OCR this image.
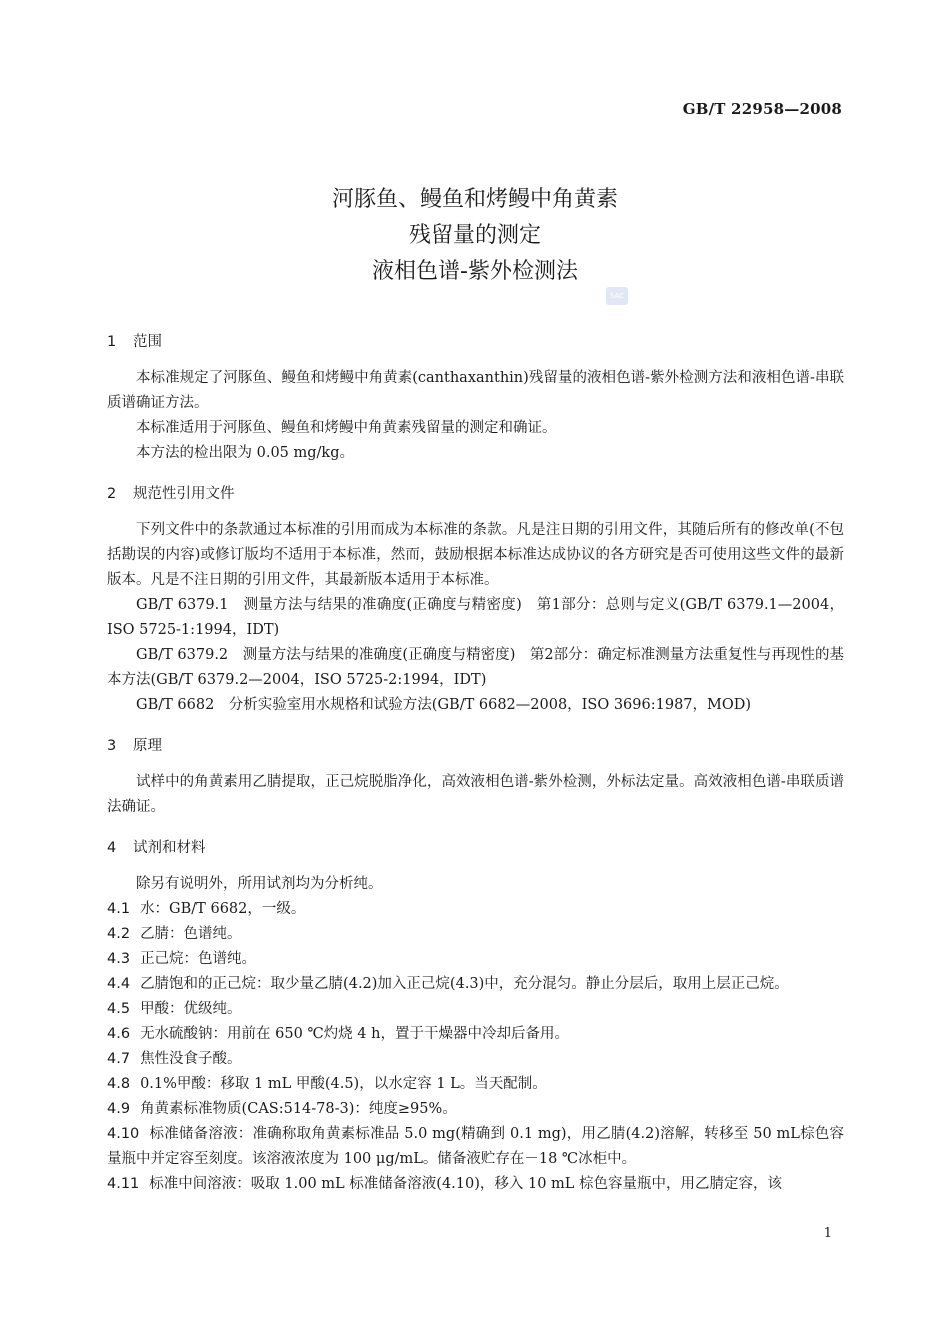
GB/T 22958—2008
河豚鱼、鳗鱼和烤鳗中角黄素
残留量的测定
液相色谱-紫外检测法
SAC
1 范围
本标准规定了河豚鱼、鳗鱼和烤鳗中角黄素(canthaxanthin)残留量的液相色谱-紫外检测方法和液相色谱-串联质谱确证方法。
本标准适用于河豚鱼、鳗鱼和烤鳗中角黄素残留量的测定和确证。
本方法的检出限为 0.05 mg/kg。
2 规范性引用文件
下列文件中的条款通过本标准的引用而成为本标准的条款。凡是注日期的引用文件，其随后所有的修改单(不包括勘误的内容)或修订版均不适用于本标准，然而，鼓励根据本标准达成协议的各方研究是否可使用这些文件的最新版本。凡是不注日期的引用文件，其最新版本适用于本标准。
GB/T 6379.1　测量方法与结果的准确度(正确度与精密度)　第1部分：总则与定义(GB/T 6379.1—2004，ISO 5725-1:1994，IDT)
GB/T 6379.2　测量方法与结果的准确度(正确度与精密度)　第2部分：确定标准测量方法重复性与再现性的基本方法(GB/T 6379.2—2004，ISO 5725-2:1994，IDT)
GB/T 6682　分析实验室用水规格和试验方法(GB/T 6682—2008，ISO 3696:1987，MOD)
3 原理
试样中的角黄素用乙腈提取，正己烷脱脂净化，高效液相色谱-紫外检测，外标法定量。高效液相色谱-串联质谱法确证。
4 试剂和材料
除另有说明外，所用试剂均为分析纯。
4.1 水：GB/T 6682，一级。
4.2 乙腈：色谱纯。
4.3 正己烷：色谱纯。
4.4 乙腈饱和的正己烷：取少量乙腈(4.2)加入正己烷(4.3)中，充分混匀。静止分层后，取用上层正己烷。
4.5 甲酸：优级纯。
4.6 无水硫酸钠：用前在 650 ℃灼烧 4 h，置于干燥器中冷却后备用。
4.7 焦性没食子酸。
4.8 0.1%甲酸：移取 1 mL 甲酸(4.5)，以水定容 1 L。当天配制。
4.9 角黄素标准物质(CAS:514-78-3)：纯度≥95%。
4.10 标准储备溶液：准确称取角黄素标准品 5.0 mg(精确到 0.1 mg)，用乙腈(4.2)溶解，转移至 50 mL棕色容量瓶中并定容至刻度。该溶液浓度为 100 μg/mL。储备液贮存在－18 ℃冰柜中。
4.11 标准中间溶液：吸取 1.00 mL 标准储备溶液(4.10)，移入 10 mL 棕色容量瓶中，用乙腈定容，该
1
